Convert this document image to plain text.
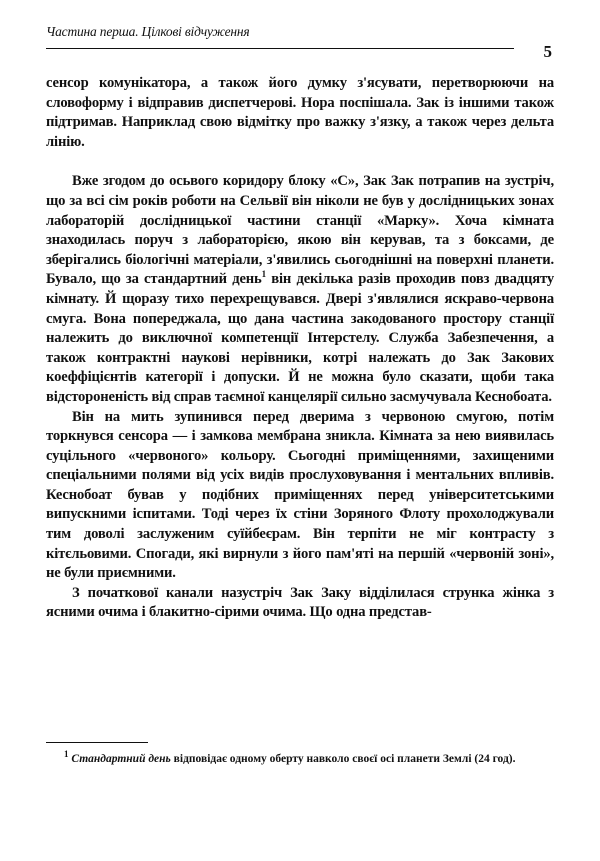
Частина перша. Цілкові відчуження
5

сенсор комунікатора, а також його думку з'ясувати, перетворюючи на словоформу і відправив диспетчерові. Нора поспішала. Зак із іншими також підтримав. Наприклад свою відмітку про важку з'язку, а також через дельта лінію.

Вже згодом до осьвого коридору блоку «С», Зак Зак потрапив на зустріч, що за всі сім років роботи на Сельвії він ніколи не був у дослідницьких зонах лабораторій дослідницької частини станції «Марку». Хоча кімната знаходилась поруч з лабораторією, якою він керував, та з боксами, де зберігались біологічні матеріали, з'явились сьогоднішні на поверхні планети. Бувало, що за стандартний день$^1$ він декілька разів проходив повз двадцяту кімнату. Й щоразу тихо перехрещувався. Двері з'являлися яскраво-червона смуга. Вона попереджала, що дана частина закодованого простору станції належить до виключної компетенції Інтерстелу. Служба Забезпечення, а також контрактні наукові нерівники, котрі належать до Зак Закових коеффіцієнтів категорії і допуски. Й не можна було сказати, щоби така відстороненість від справ таємної канцелярії сильно засмучувала Кеснобоата.

Він на мить зупинився перед дверима з червоною смугою, потім торкнувся сенсора — і замкова мембрана зникла. Кімната за нею виявилась суцільного «червоного» кольору. Сьогодні приміщеннями, захищеними спеціальними полями від усіх видів прослуховування і ментальних впливів. Кеснобоат бував у подібних приміщеннях перед університетськими випускними іспитами. Тоді через їх стіни Зоряного Флоту прохолоджували тим доволі заслуженим суїйбеєрам. Він терпіти не міг контрасту з кітєльовими. Спогади, які вирнули з його пам'яті на першій «червоній зоні», не були приємними.

З початкової канали назустріч Зак Заку відділилася струнка жінка з ясними очима і блакитно-сірими очима. Що одна представ-

$^1$ Стандартний день відповідає одному оберту навколо своєї осі планети Землі (24 год).
